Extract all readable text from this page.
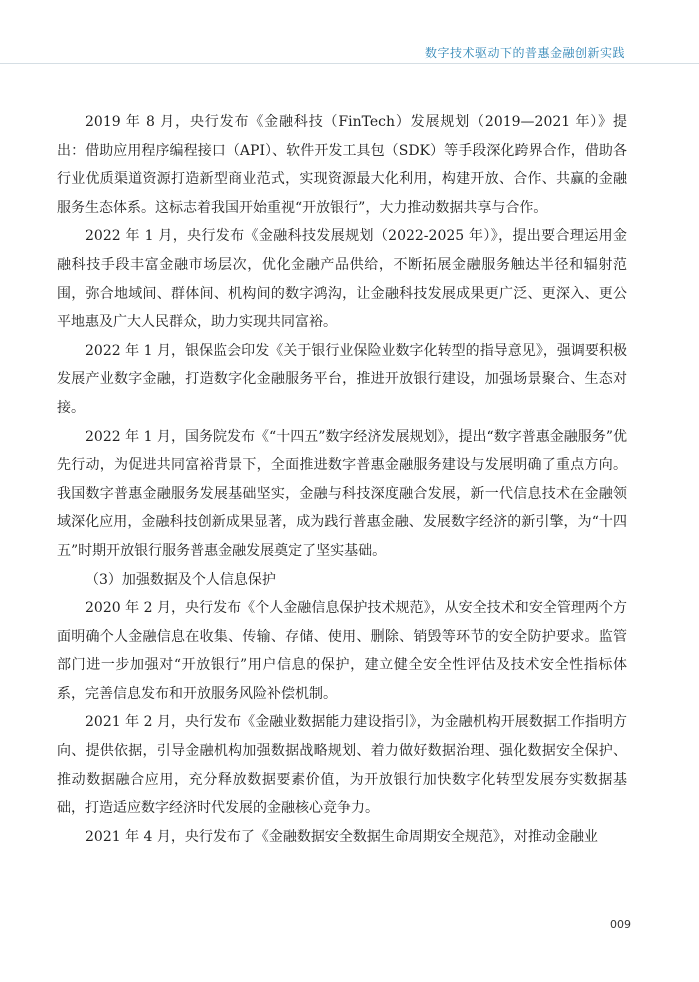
数字技术驱动下的普惠金融创新实践

2019 年 8 月，央行发布《金融科技（FinTech）发展规划（2019—2021 年）》提出：借助应用程序编程接口（API）、软件开发工具包（SDK）等手段深化跨界合作，借助各行业优质渠道资源打造新型商业范式，实现资源最大化利用，构建开放、合作、共赢的金融服务生态体系。这标志着我国开始重视“开放银行”，大力推动数据共享与合作。

2022 年 1 月，央行发布《金融科技发展规划（2022-2025 年）》，提出要合理运用金融科技手段丰富金融市场层次，优化金融产品供给，不断拓展金融服务触达半径和辐射范围，弥合地域间、群体间、机构间的数字鸿沟，让金融科技发展成果更广泛、更深入、更公平地惠及广大人民群众，助力实现共同富裕。

2022 年 1 月，银保监会印发《关于银行业保险业数字化转型的指导意见》，强调要积极发展产业数字金融，打造数字化金融服务平台，推进开放银行建设，加强场景聚合、生态对接。

2022 年 1 月，国务院发布《“十四五”数字经济发展规划》，提出“数字普惠金融服务”优先行动，为促进共同富裕背景下，全面推进数字普惠金融服务建设与发展明确了重点方向。我国数字普惠金融服务发展基础坚实，金融与科技深度融合发展，新一代信息技术在金融领域深化应用，金融科技创新成果显著，成为践行普惠金融、发展数字经济的新引擎，为“十四五”时期开放银行服务普惠金融发展奠定了坚实基础。

（3）加强数据及个人信息保护

2020 年 2 月，央行发布《个人金融信息保护技术规范》，从安全技术和安全管理两个方面明确个人金融信息在收集、传输、存储、使用、删除、销毁等环节的安全防护要求。监管部门进一步加强对“开放银行”用户信息的保护，建立健全安全性评估及技术安全性指标体系，完善信息发布和开放服务风险补偿机制。

2021 年 2 月，央行发布《金融业数据能力建设指引》，为金融机构开展数据工作指明方向、提供依据，引导金融机构加强数据战略规划、着力做好数据治理、强化数据安全保护、推动数据融合应用，充分释放数据要素价值，为开放银行加快数字化转型发展夯实数据基础，打造适应数字经济时代发展的金融核心竞争力。

2021 年 4 月，央行发布了《金融数据安全数据生命周期安全规范》，对推动金融业

009
